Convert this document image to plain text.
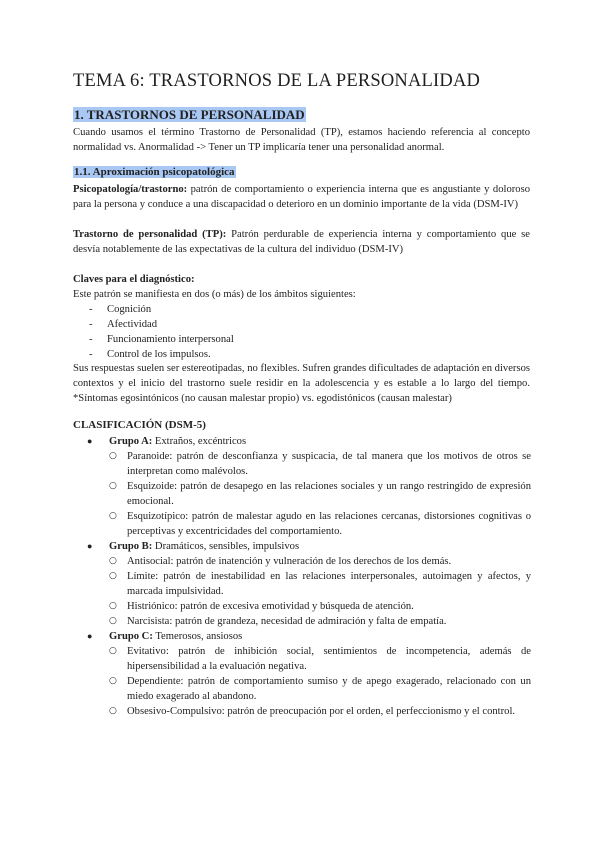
TEMA 6: TRASTORNOS DE LA PERSONALIDAD
1. TRASTORNOS DE PERSONALIDAD
Cuando usamos el término Trastorno de Personalidad (TP), estamos haciendo referencia al concepto normalidad vs. Anormalidad -> Tener un TP implicaría tener una personalidad anormal.
1.1. Aproximación psicopatológica
Psicopatología/trastorno: patrón de comportamiento o experiencia interna que es angustiante y doloroso para la persona y conduce a una discapacidad o deterioro en un dominio importante de la vida (DSM-IV)
Trastorno de personalidad (TP): Patrón perdurable de experiencia interna y comportamiento que se desvía notablemente de las expectativas de la cultura del individuo (DSM-IV)
Claves para el diagnóstico:
Este patrón se manifiesta en dos (o más) de los ámbitos siguientes:
- Cognición
- Afectividad
- Funcionamiento interpersonal
- Control de los impulsos.
Sus respuestas suelen ser estereotipadas, no flexibles. Sufren grandes dificultades de adaptación en diversos contextos y el inicio del trastorno suele residir en la adolescencia y es estable a lo largo del tiempo. *Síntomas egosintónicos (no causan malestar propio) vs. egodistónicos (causan malestar)
CLASIFICACIÓN (DSM-5)
● Grupo A: Extraños, excéntricos
○ Paranoide: patrón de desconfianza y suspicacia, de tal manera que los motivos de otros se interpretan como malévolos.
○ Esquizoide: patrón de desapego en las relaciones sociales y un rango restringido de expresión emocional.
○ Esquizotípico: patrón de malestar agudo en las relaciones cercanas, distorsiones cognitivas o perceptivas y excentricidades del comportamiento.
● Grupo B: Dramáticos, sensibles, impulsivos
○ Antisocial: patrón de inatención y vulneración de los derechos de los demás.
○ Límite: patrón de inestabilidad en las relaciones interpersonales, autoimagen y afectos, y marcada impulsividad.
○ Histriónico: patrón de excesiva emotividad y búsqueda de atención.
○ Narcisista: patrón de grandeza, necesidad de admiración y falta de empatía.
● Grupo C: Temerosos, ansiosos
○ Evitativo: patrón de inhibición social, sentimientos de incompetencia, además de hipersensibilidad a la evaluación negativa.
○ Dependiente: patrón de comportamiento sumiso y de apego exagerado, relacionado con un miedo exagerado al abandono.
○ Obsesivo-Compulsivo: patrón de preocupación por el orden, el perfeccionismo y el control.
